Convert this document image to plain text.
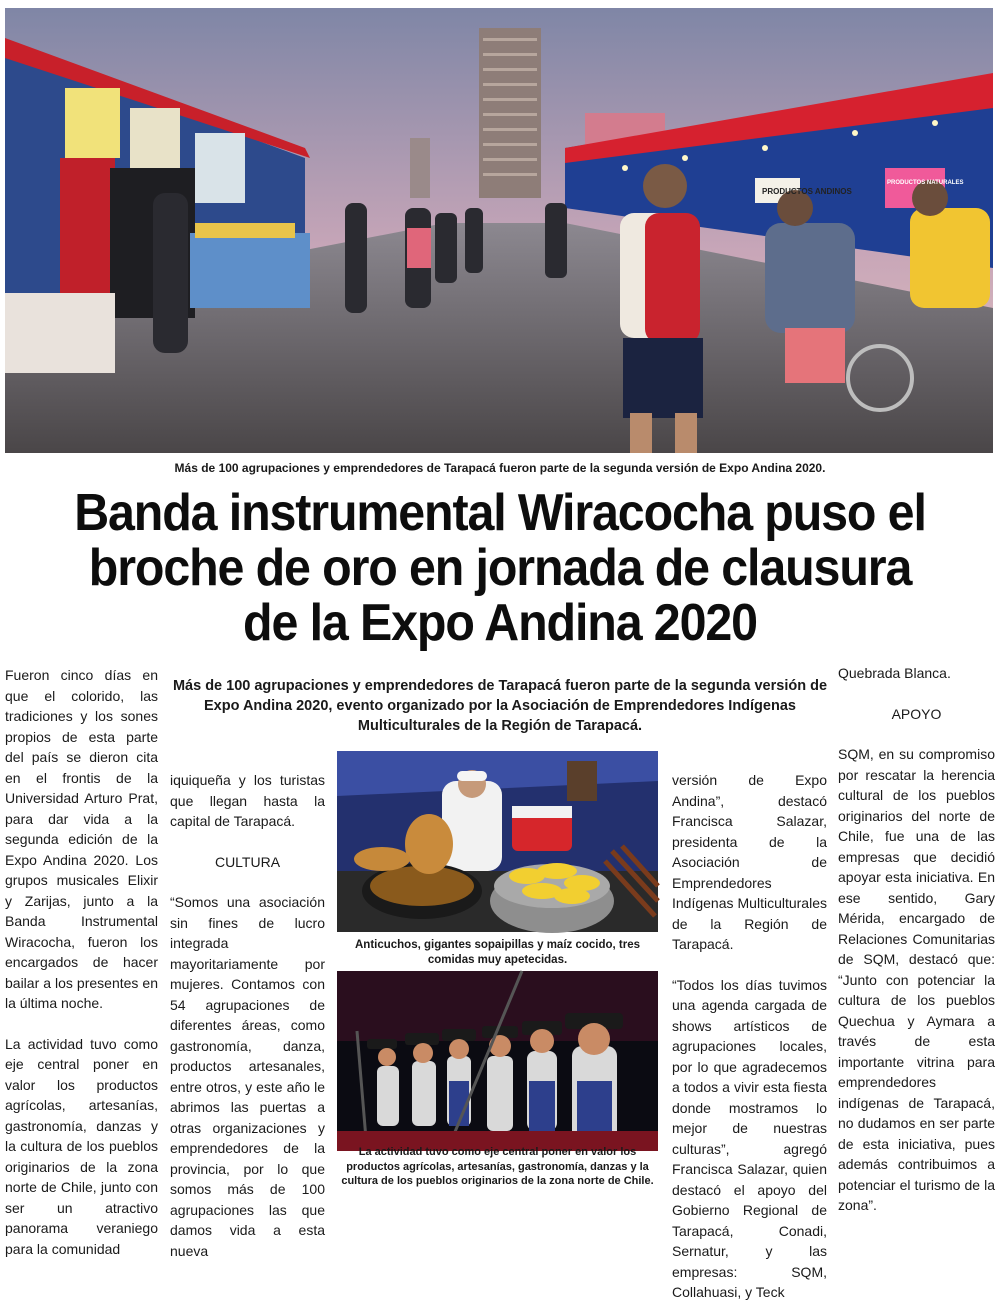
PRODUCTOS ANDINOS
PRODUCTOS NATURALES
Más de 100 agrupaciones y emprendedores de Tarapacá fueron parte de la segunda versión de Expo Andina 2020.
Banda instrumental Wiracocha puso el
broche de oro en jornada de clausura
de la Expo Andina 2020
Más de 100 agrupaciones y emprendedores de Tarapacá fueron parte de la segunda versión de Expo Andina 2020, evento organizado por la Asociación de Emprendedores Indígenas Multiculturales de la Región de Tarapacá.

Fueron cinco días en que el colorido, las tradiciones y los sones propios de esta parte del país se dieron cita en el frontis de la Universidad Arturo Prat, para dar vida a la segunda edición de la Expo Andina 2020. Los grupos musicales Elixir y Zarijas, junto a la Banda Instrumental Wiracocha, fueron los encargados de hacer bailar a los presentes en la última noche.

La actividad tuvo como eje central poner en valor los productos agrícolas, artesanías, gastronomía, danzas y la cultura de los pueblos originarios de la zona norte de Chile, junto con ser un atractivo panorama veraniego para la comunidad

iquiqueña y los turistas que llegan hasta la capital de Tarapacá.

CULTURA

“Somos una asociación sin fines de lucro integrada mayoritariamente por mujeres. Contamos con 54 agrupaciones de diferentes áreas, como gastronomía, danza, productos artesanales, entre otros, y este año le abrimos las puertas a otras organizaciones y emprendedores de la provincia, por lo que somos más de 100 agrupaciones las que damos vida a esta nueva

Anticuchos, gigantes sopaipillas y maíz cocido, tres comidas muy apetecidas.
La actividad tuvo como eje central poner en valor los productos agrícolas, artesanías, gastronomía, danzas y la cultura de los pueblos originarios de la zona norte de Chile.

versión de Expo Andina”, destacó Francisca Salazar, presidenta de la Asociación de Emprendedores Indígenas Multiculturales de la Región de Tarapacá.

“Todos los días tuvimos una agenda cargada de shows artísticos de agrupaciones locales, por lo que agradecemos a todos a vivir esta fiesta donde mostramos lo mejor de nuestras culturas”, agregó Francisca Salazar, quien destacó el apoyo del Gobierno Regional de Tarapacá, Conadi, Sernatur, y las empresas: SQM, Collahuasi, y Teck

Quebrada Blanca.

APOYO

SQM, en su compromiso por rescatar la herencia cultural de los pueblos originarios del norte de Chile, fue una de las empresas que decidió apoyar esta iniciativa. En ese sentido, Gary Mérida, encargado de Relaciones Comunitarias de SQM, destacó que: “Junto con potenciar la cultura de los pueblos Quechua y Aymara a través de esta importante vitrina para emprendedores indígenas de Tarapacá, no dudamos en ser parte de esta iniciativa, pues además contribuimos a potenciar el turismo de la zona”.
